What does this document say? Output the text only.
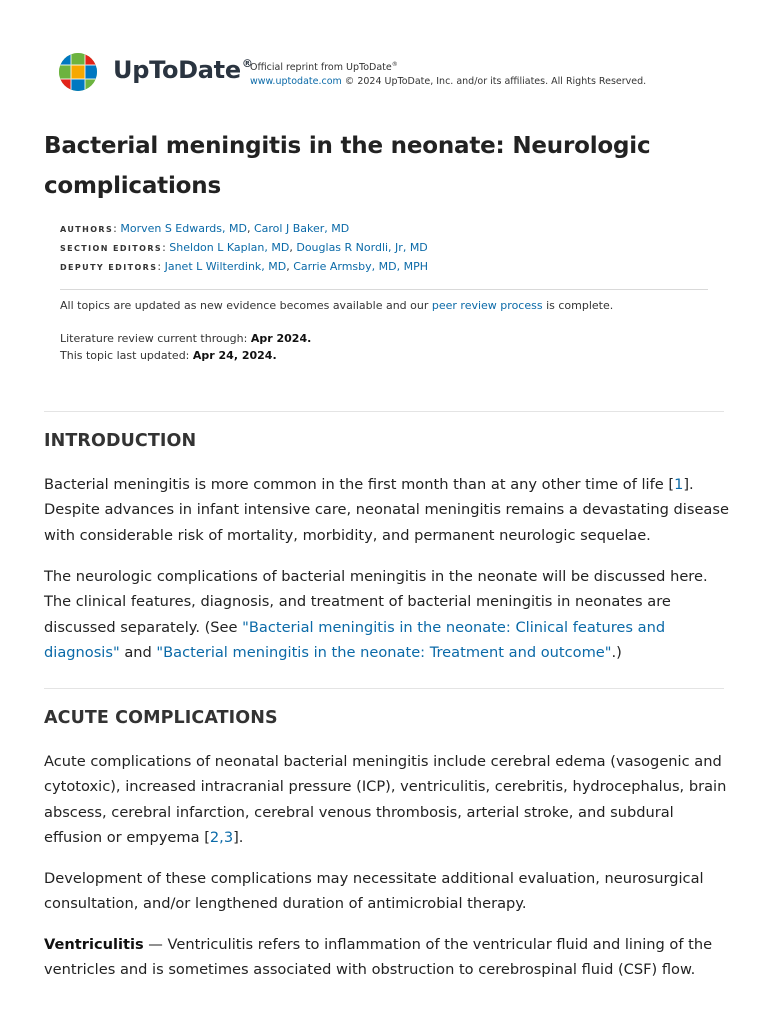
UpToDate®
Official reprint from UpToDate®
www.uptodate.com © 2024 UpToDate, Inc. and/or its affiliates. All Rights Reserved.
Bacterial meningitis in the neonate: Neurologic complications
AUTHORS: Morven S Edwards, MD, Carol J Baker, MD
SECTION EDITORS: Sheldon L Kaplan, MD, Douglas R Nordli, Jr, MD
DEPUTY EDITORS: Janet L Wilterdink, MD, Carrie Armsby, MD, MPH
All topics are updated as new evidence becomes available and our peer review process is complete.
Literature review current through: Apr 2024.
This topic last updated: Apr 24, 2024.
INTRODUCTION

Bacterial meningitis is more common in the first month than at any other time of life [1]. Despite advances in infant intensive care, neonatal meningitis remains a devastating disease with considerable risk of mortality, morbidity, and permanent neurologic sequelae.

The neurologic complications of bacterial meningitis in the neonate will be discussed here. The clinical features, diagnosis, and treatment of bacterial meningitis in neonates are discussed separately. (See "Bacterial meningitis in the neonate: Clinical features and diagnosis" and "Bacterial meningitis in the neonate: Treatment and outcome".)

ACUTE COMPLICATIONS

Acute complications of neonatal bacterial meningitis include cerebral edema (vasogenic and cytotoxic), increased intracranial pressure (ICP), ventriculitis, cerebritis, hydrocephalus, brain abscess, cerebral infarction, cerebral venous thrombosis, arterial stroke, and subdural effusion or empyema [2,3].

Development of these complications may necessitate additional evaluation, neurosurgical consultation, and/or lengthened duration of antimicrobial therapy.

Ventriculitis — Ventriculitis refers to inflammation of the ventricular fluid and lining of the ventricles and is sometimes associated with obstruction to cerebrospinal fluid (CSF) flow.
